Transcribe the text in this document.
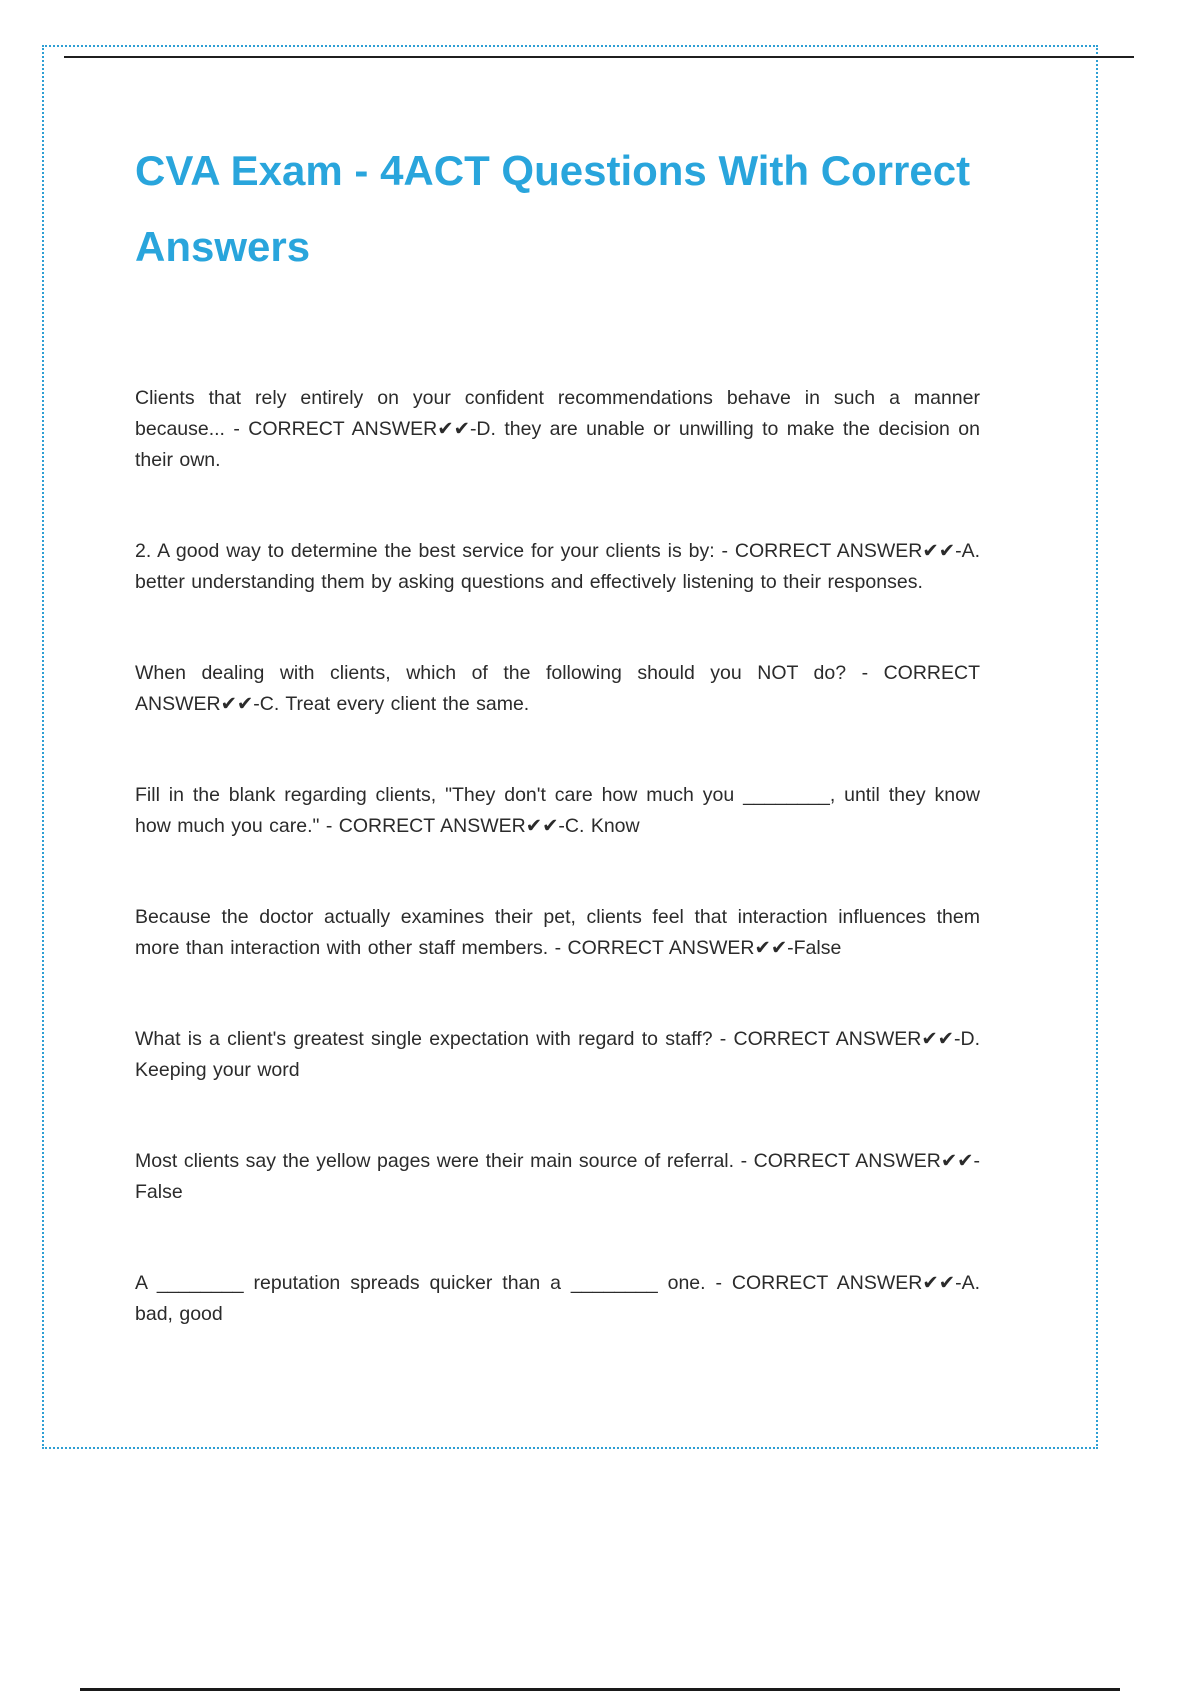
CVA Exam - 4ACT Questions With Correct Answers

Clients that rely entirely on your confident recommendations behave in such a manner because... - CORRECT ANSWER✔✔-D. they are unable or unwilling to make the decision on their own.

2. A good way to determine the best service for your clients is by: - CORRECT ANSWER✔✔-A. better understanding them by asking questions and effectively listening to their responses.

When dealing with clients, which of the following should you NOT do? - CORRECT ANSWER✔✔-C. Treat every client the same.

Fill in the blank regarding clients, "They don't care how much you ________, until they know how much you care." - CORRECT ANSWER✔✔-C. Know

Because the doctor actually examines their pet, clients feel that interaction influences them more than interaction with other staff members. - CORRECT ANSWER✔✔-False

What is a client's greatest single expectation with regard to staff? - CORRECT ANSWER✔✔-D. Keeping your word

Most clients say the yellow pages were their main source of referral. - CORRECT ANSWER✔✔-False

A ________ reputation spreads quicker than a ________ one. - CORRECT ANSWER✔✔-A. bad, good
